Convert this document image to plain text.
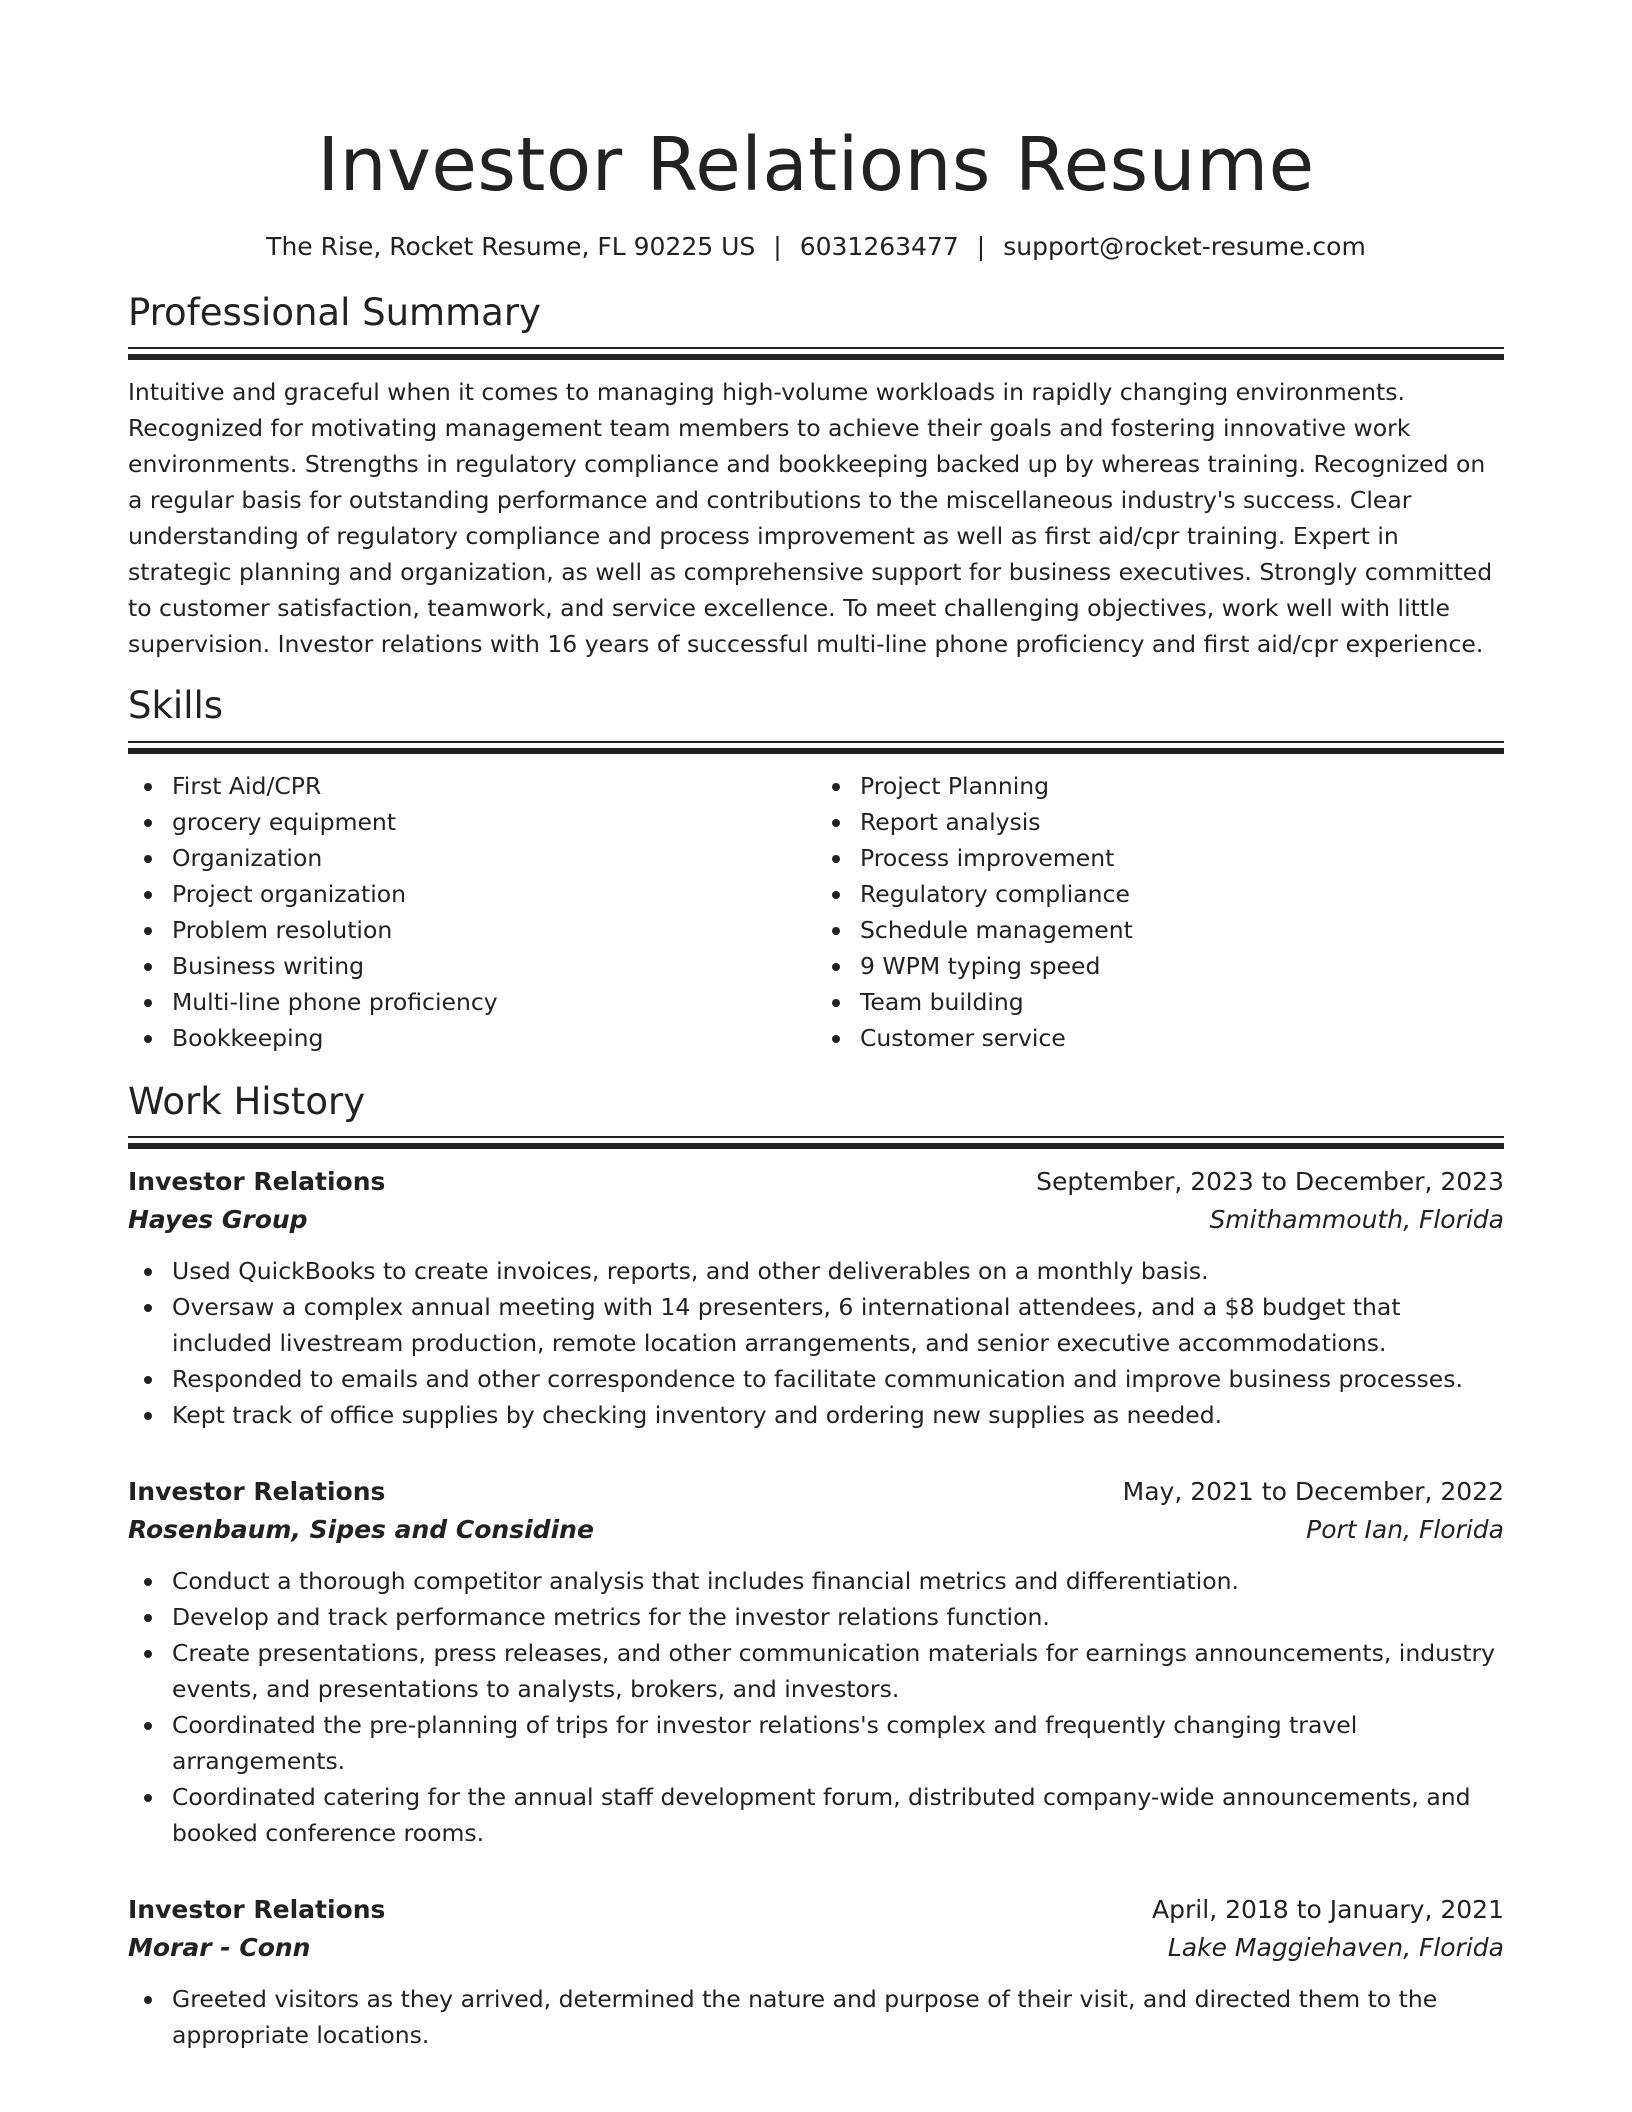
Investor Relations Resume
The Rise, Rocket Resume, FL 90225 US | 6031263477 | support@rocket-resume.com
Professional Summary

Intuitive and graceful when it comes to managing high-volume workloads in rapidly changing environments. Recognized for motivating management team members to achieve their goals and fostering innovative work environments. Strengths in regulatory compliance and bookkeeping backed up by whereas training. Recognized on a regular basis for outstanding performance and contributions to the miscellaneous industry's success. Clear understanding of regulatory compliance and process improvement as well as first aid/cpr training. Expert in strategic planning and organization, as well as comprehensive support for business executives. Strongly committed to customer satisfaction, teamwork, and service excellence. To meet challenging objectives, work well with little supervision. Investor relations with 16 years of successful multi-line phone proficiency and first aid/cpr experience.

Skills
First Aid/CPR
grocery equipment
Organization
Project organization
Problem resolution
Business writing
Multi-line phone proficiency
Bookkeeping
Project Planning
Report analysis
Process improvement
Regulatory compliance
Schedule management
9 WPM typing speed
Team building
Customer service
Work History
Investor Relations	September, 2023 to December, 2023
Hayes Group	Smithammouth, Florida
Used QuickBooks to create invoices, reports, and other deliverables on a monthly basis.
Oversaw a complex annual meeting with 14 presenters, 6 international attendees, and a $8 budget that included livestream production, remote location arrangements, and senior executive accommodations.
Responded to emails and other correspondence to facilitate communication and improve business processes.
Kept track of office supplies by checking inventory and ordering new supplies as needed.
Investor Relations	May, 2021 to December, 2022
Rosenbaum, Sipes and Considine	Port Ian, Florida
Conduct a thorough competitor analysis that includes financial metrics and differentiation.
Develop and track performance metrics for the investor relations function.
Create presentations, press releases, and other communication materials for earnings announcements, industry events, and presentations to analysts, brokers, and investors.
Coordinated the pre-planning of trips for investor relations's complex and frequently changing travel arrangements.
Coordinated catering for the annual staff development forum, distributed company-wide announcements, and booked conference rooms.
Investor Relations	April, 2018 to January, 2021
Morar - Conn	Lake Maggiehaven, Florida
Greeted visitors as they arrived, determined the nature and purpose of their visit, and directed them to the appropriate locations.
